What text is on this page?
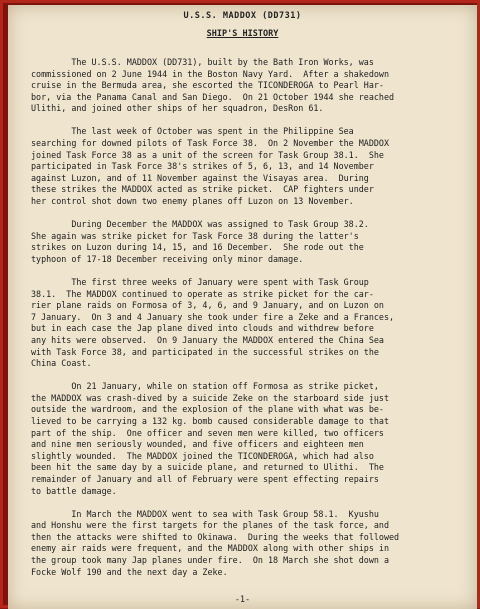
U.S.S. MADDOX (DD731)
SHIP'S HISTORY

The U.S.S. MADDOX (DD731), built by the Bath Iron Works, was
commissioned on 2 June 1944 in the Boston Navy Yard.  After a shakedown
cruise in the Bermuda area, she escorted the TICONDEROGA to Pearl Har-
bor, via the Panama Canal and San Diego.  On 21 October 1944 she reached
Ulithi, and joined other ships of her squadron, DesRon 61.

The last week of October was spent in the Philippine Sea
searching for downed pilots of Task Force 38.  On 2 November the MADDOX
joined Task Force 38 as a unit of the screen for Task Group 38.1.  She
participated in Task Force 38's strikes of 5, 6, 13, and 14 November
against Luzon, and of 11 November against the Visayas area.  During
these strikes the MADDOX acted as strike picket.  CAP fighters under
her control shot down two enemy planes off Luzon on 13 November.

During December the MADDOX was assigned to Task Group 38.2.
She again was strike picket for Task Force 38 during the latter's
strikes on Luzon during 14, 15, and 16 December.  She rode out the
typhoon of 17-18 December receiving only minor damage.

The first three weeks of January were spent with Task Group
38.1.  The MADDOX continued to operate as strike picket for the car-
rier plane raids on Formosa of 3, 4, 6, and 9 January, and on Luzon on
7 January.  On 3 and 4 January she took under fire a Zeke and a Frances,
but in each case the Jap plane dived into clouds and withdrew before
any hits were observed.  On 9 January the MADDOX entered the China Sea
with Task Force 38, and participated in the successful strikes on the
China Coast.

On 21 January, while on station off Formosa as strike picket,
the MADDOX was crash-dived by a suicide Zeke on the starboard side just
outside the wardroom, and the explosion of the plane with what was be-
lieved to be carrying a 132 kg. bomb caused considerable damage to that
part of the ship.  One officer and seven men were killed, two officers
and nine men seriously wounded, and five officers and eighteen men
slightly wounded.  The MADDOX joined the TICONDEROGA, which had also
been hit the same day by a suicide plane, and returned to Ulithi.  The
remainder of January and all of February were spent effecting repairs
to battle damage.

In March the MADDOX went to sea with Task Group 58.1.  Kyushu
and Honshu were the first targets for the planes of the task force, and
then the attacks were shifted to Okinawa.  During the weeks that followed
enemy air raids were frequent, and the MADDOX along with other ships in
the group took many Jap planes under fire.  On 18 March she shot down a
Focke Wolf 190 and the next day a Zeke.

-1-
